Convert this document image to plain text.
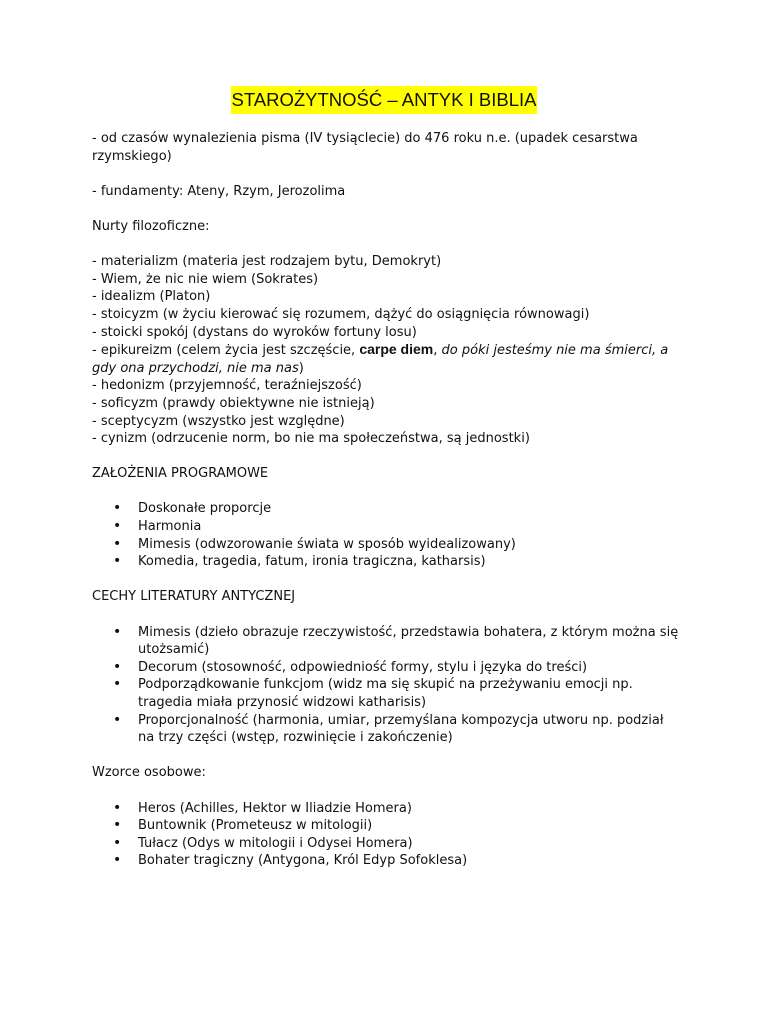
STAROŻYTNOŚĆ – ANTYK I BIBLIA

- od czasów wynalezienia pisma (IV tysiąclecie) do 476 roku n.e. (upadek cesarstwa rzymskiego)

- fundamenty: Ateny, Rzym, Jerozolima

Nurty filozoficzne:

- materializm (materia jest rodzajem bytu, Demokryt)
- Wiem, że nic nie wiem (Sokrates)
- idealizm (Platon)
- stoicyzm (w życiu kierować się rozumem, dążyć do osiągnięcia równowagi)
- stoicki spokój (dystans do wyroków fortuny losu)
- epikureizm (celem życia jest szczęście, carpe diem, do póki jesteśmy nie ma śmierci, a gdy ona przychodzi, nie ma nas)
- hedonizm (przyjemność, teraźniejszość)
- soficyzm (prawdy obiektywne nie istnieją)
- sceptycyzm (wszystko jest względne)
- cynizm (odrzucenie norm, bo nie ma społeczeństwa, są jednostki)

ZAŁOŻENIA PROGRAMOWE

• Doskonałe proporcje
• Harmonia
• Mimesis (odwzorowanie świata w sposób wyidealizowany)
• Komedia, tragedia, fatum, ironia tragiczna, katharsis)

CECHY LITERATURY ANTYCZNEJ

• Mimesis (dzieło obrazuje rzeczywistość, przedstawia bohatera, z którym można się utożsamić)
• Decorum (stosowność, odpowiedniość formy, stylu i języka do treści)
• Podporządkowanie funkcjom (widz ma się skupić na przeżywaniu emocji np. tragedia miała przynosić widzowi katharisis)
• Proporcjonalność (harmonia, umiar, przemyślana kompozycja utworu np. podział na trzy części (wstęp, rozwinięcie i zakończenie)

Wzorce osobowe:

• Heros (Achilles, Hektor w Iliadzie Homera)
• Buntownik (Prometeusz w mitologii)
• Tułacz (Odys w mitologii i Odysei Homera)
• Bohater tragiczny (Antygona, Król Edyp Sofoklesa)
